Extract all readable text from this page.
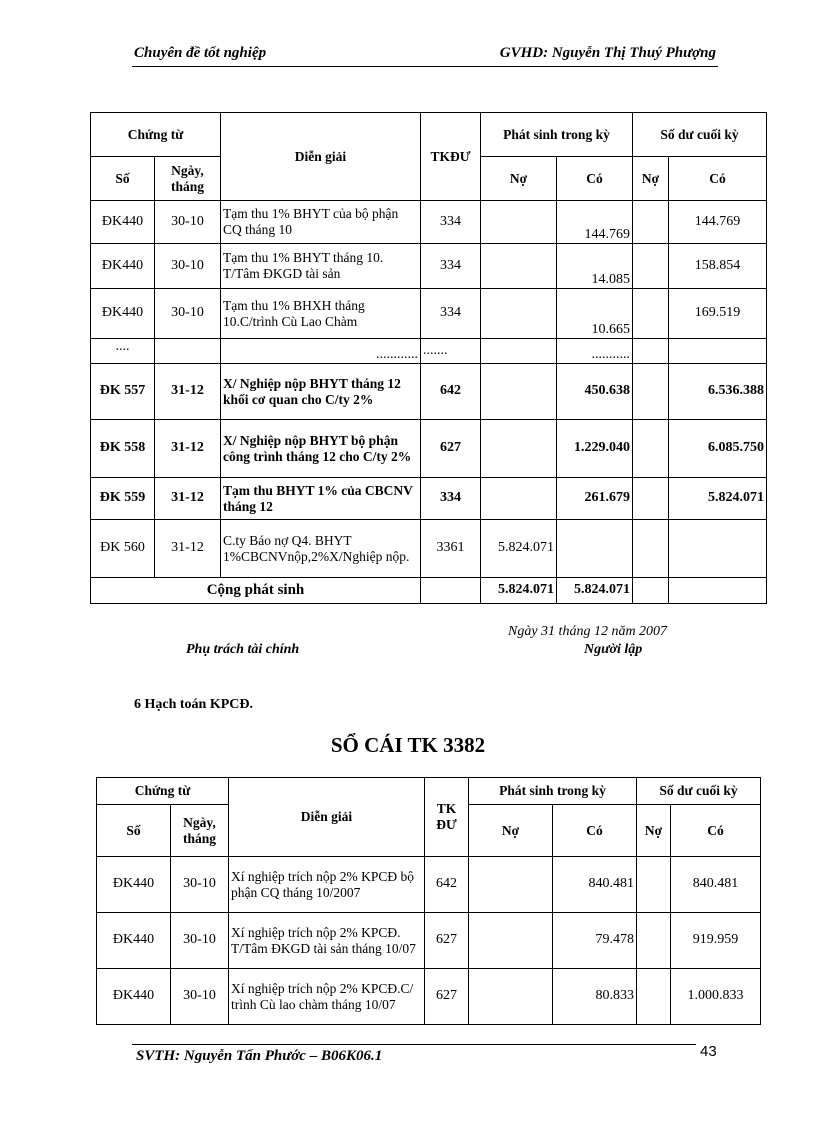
Chuyên đề tốt nghiệp	GVHD: Nguyễn Thị Thuý Phượng
Chứng từ		Diễn giải	TKĐƯ	Phát sinh trong kỳ		Số dư cuối kỳ	
Số	Ngày, tháng			Nợ	Có	Nợ	Có
ĐK440	30-10	Tạm thu 1% BHYT của bộ phận CQ tháng 10	334		144.769		144.769
ĐK440	30-10	Tạm thu 1% BHYT tháng 10. T/Tâm ĐKGD tài sản	334		14.085		158.854
ĐK440	30-10	Tạm thu 1% BHXH tháng 10.C/trình Cù Lao Chàm	334		10.665		169.519
....		............	.......		...........		
ĐK 557	31-12	X/ Nghiệp nộp BHYT tháng 12 khối cơ quan cho C/ty 2%	642		450.638		6.536.388
ĐK 558	31-12	X/ Nghiệp nộp BHYT bộ phận công trình tháng 12 cho C/ty 2%	627		1.229.040		6.085.750
ĐK 559	31-12	Tạm thu BHYT 1% của CBCNV tháng 12	334		261.679		5.824.071
ĐK 560	31-12	C.ty Báo nợ Q4. BHYT 1%CBCNVnộp,2%X/Nghiệp nộp.	3361	5.824.071			
Cộng phát sinh				5.824.071	5.824.071		
Ngày 31 tháng 12 năm 2007
Phụ trách tài chính	Người lập
6 Hạch toán KPCĐ.
SỔ CÁI TK 3382
Chứng từ		Diễn giải	TK ĐƯ	Phát sinh trong kỳ		Số dư cuối kỳ	
Số	Ngày, tháng			Nợ	Có	Nợ	Có
ĐK440	30-10	Xí nghiệp trích nộp 2% KPCĐ bộ phận CQ tháng 10/2007	642		840.481		840.481
ĐK440	30-10	Xí nghiệp trích nộp 2% KPCĐ. T/Tâm ĐKGD tài sản tháng 10/07	627		79.478		919.959
ĐK440	30-10	Xí nghiệp trích nộp 2% KPCĐ.C/ trình Cù lao chàm tháng 10/07	627		80.833		1.000.833
SVTH: Nguyễn Tấn Phước – B06K06.1	43
